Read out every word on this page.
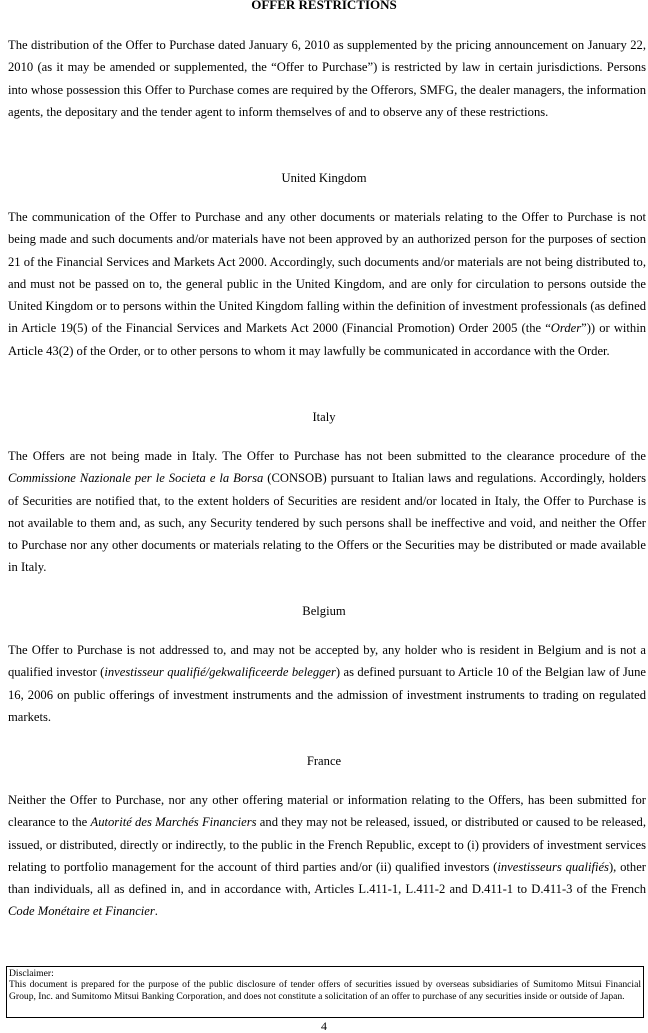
OFFER RESTRICTIONS
The distribution of the Offer to Purchase dated January 6, 2010 as supplemented by the pricing announcement on January 22, 2010 (as it may be amended or supplemented, the “Offer to Purchase”) is restricted by law in certain jurisdictions. Persons into whose possession this Offer to Purchase comes are required by the Offerors, SMFG, the dealer managers, the information agents, the depositary and the tender agent to inform themselves of and to observe any of these restrictions.
United Kingdom
The communication of the Offer to Purchase and any other documents or materials relating to the Offer to Purchase is not being made and such documents and/or materials have not been approved by an authorized person for the purposes of section 21 of the Financial Services and Markets Act 2000. Accordingly, such documents and/or materials are not being distributed to, and must not be passed on to, the general public in the United Kingdom, and are only for circulation to persons outside the United Kingdom or to persons within the United Kingdom falling within the definition of investment professionals (as defined in Article 19(5) of the Financial Services and Markets Act 2000 (Financial Promotion) Order 2005 (the “Order”)) or within Article 43(2) of the Order, or to other persons to whom it may lawfully be communicated in accordance with the Order.
Italy
The Offers are not being made in Italy. The Offer to Purchase has not been submitted to the clearance procedure of the Commissione Nazionale per le Societa e la Borsa (CONSOB) pursuant to Italian laws and regulations. Accordingly, holders of Securities are notified that, to the extent holders of Securities are resident and/or located in Italy, the Offer to Purchase is not available to them and, as such, any Security tendered by such persons shall be ineffective and void, and neither the Offer to Purchase nor any other documents or materials relating to the Offers or the Securities may be distributed or made available in Italy.
Belgium
The Offer to Purchase is not addressed to, and may not be accepted by, any holder who is resident in Belgium and is not a qualified investor (investisseur qualifié/gekwalificeerde belegger) as defined pursuant to Article 10 of the Belgian law of June 16, 2006 on public offerings of investment instruments and the admission of investment instruments to trading on regulated markets.
France
Neither the Offer to Purchase, nor any other offering material or information relating to the Offers, has been submitted for clearance to the Autorité des Marchés Financiers and they may not be released, issued, or distributed or caused to be released, issued, or distributed, directly or indirectly, to the public in the French Republic, except to (i) providers of investment services relating to portfolio management for the account of third parties and/or (ii) qualified investors (investisseurs qualifiés), other than individuals, all as defined in, and in accordance with, Articles L.411-1, L.411-2 and D.411-1 to D.411-3 of the French Code Monétaire et Financier.
Disclaimer:
This document is prepared for the purpose of the public disclosure of tender offers of securities issued by overseas subsidiaries of Sumitomo Mitsui Financial Group, Inc. and Sumitomo Mitsui Banking Corporation, and does not constitute a solicitation of an offer to purchase of any securities inside or outside of Japan.
4
